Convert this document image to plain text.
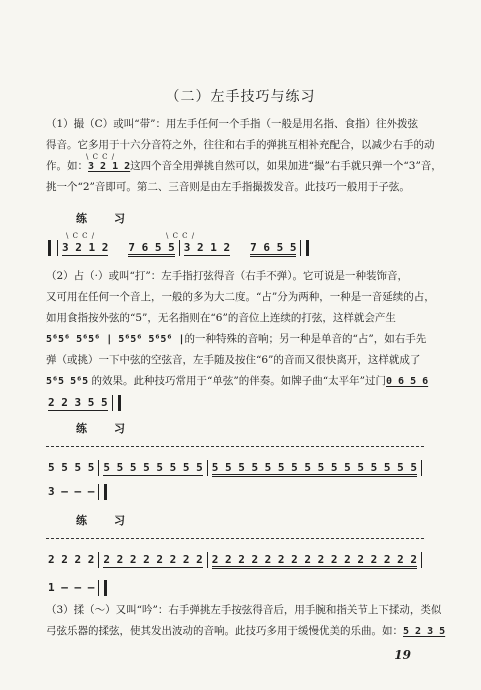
（二）左手技巧与练习
（1）撮（C）或叫“带”：用左手任何一个手指（一般是用名指、食指）往外拨弦
得音。它多用于十六分音符之外，往往和右手的弹挑互相补充配合，以减少右手的动
作。如：3 2 1 2这四个音全用弹挑自然可以，如果加进“撮”右手就只弹一个“3”音，
挑一个“2”音即可。第二、三音则是由左手指撮拨发音。此技巧一般用于子弦。
\ C C /
练　习
\ C C /	\ C C /
3 2 1 2 7 6 5 5 3 2 1 2 7 6 5 5
（2）占（·）或叫“打”：左手指打弦得音（右手不弹）。它可说是一种装饰音，
又可用在任何一个音上，一般的多为大二度。“占”分为两种，一种是一音延续的占，
如用食指按外弦的“5”，无名指则在“6”的音位上连续的打弦，这样就会产生
5⁶5⁶ 5⁶5⁶ | 5⁶5⁶ 5⁶5⁶ |的一种特殊的音响；另一种是单音的“占”，如右手先
弹（或挑）一下中弦的空弦音，左手随及按住“6”的音而又很快离开，这样就成了
5⁶5 5⁶5 的效果。此种技巧常用于“单弦”的伴奏。如牌子曲“太平年”过门0 6 5 6
2 2 3 5 5
练　习
5 5 5 5 5 5 5 5 5 5 5 5 5 5 5 5 5 5 5 5 5 5 5 5 5 5 5 5
3 — — —
练　习
2 2 2 2 2 2 2 2 2 2 2 2 2 2 2 2 2 2 2 2 2 2 2 2 2 2 2 2
1 — — —
（3）揉（～）又叫“吟”：右手弹挑左手按弦得音后，用手腕和指关节上下揉动，类似
弓弦乐器的揉弦，使其发出波动的音响。此技巧多用于缓慢优美的乐曲。如：5 2 3 5
19
